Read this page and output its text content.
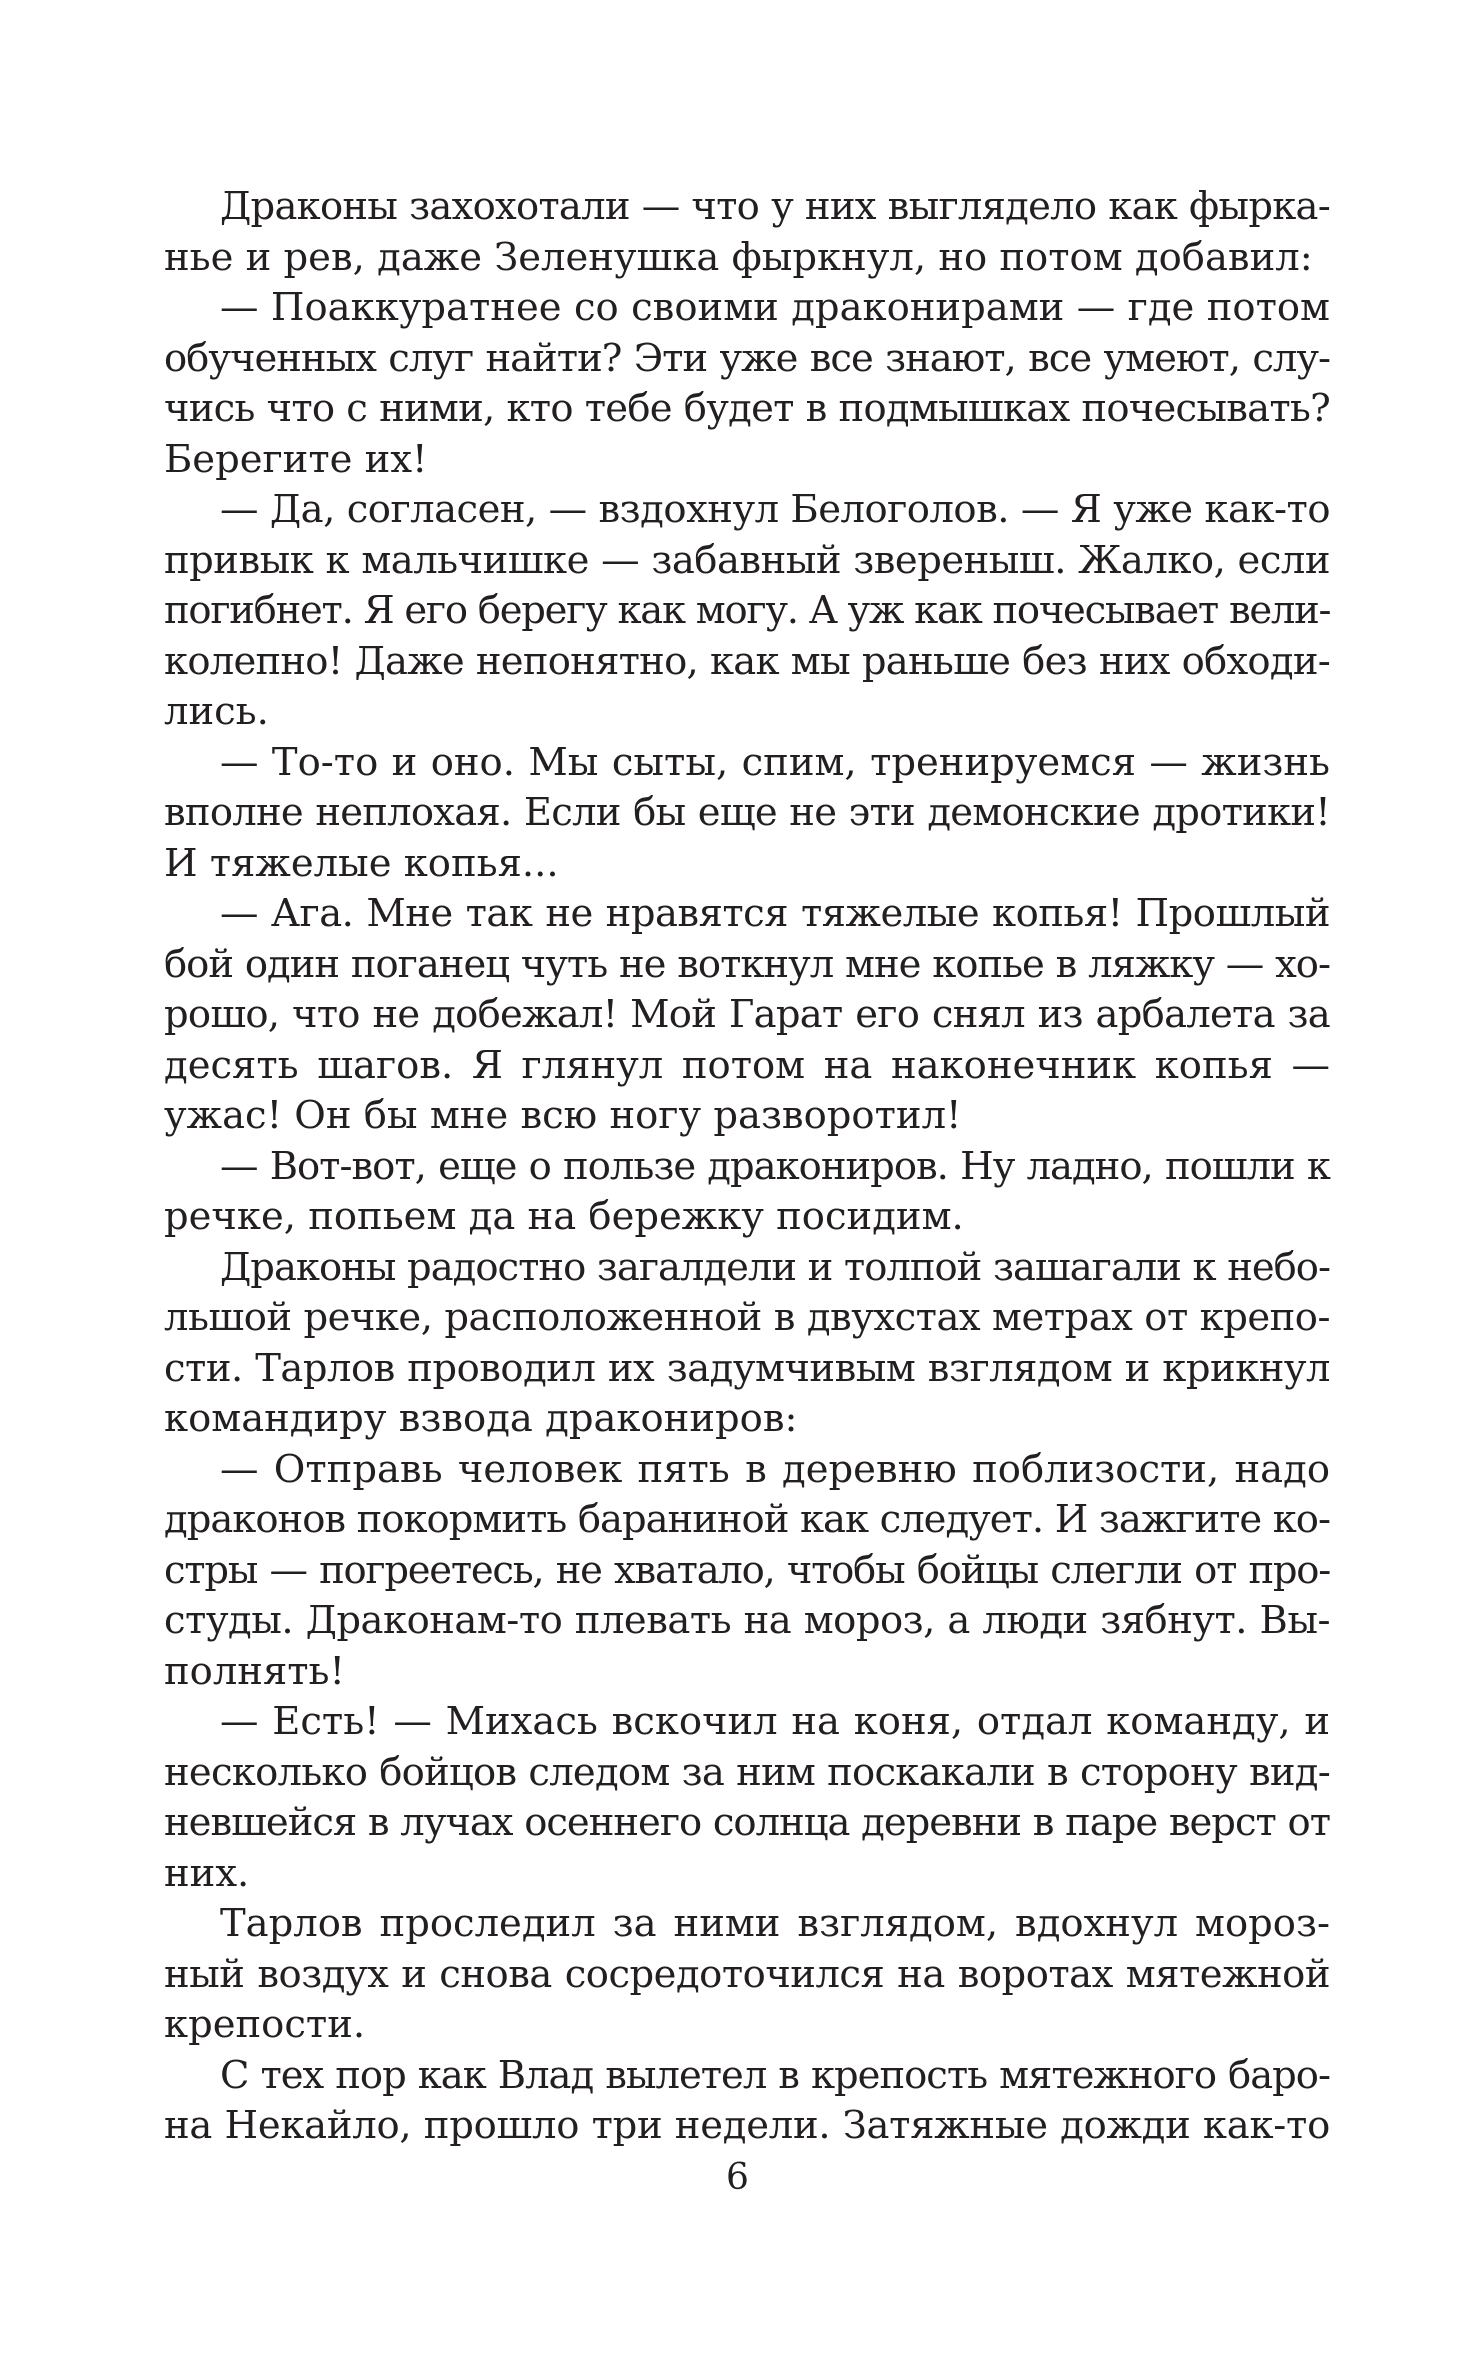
Драконы захохотали — что у них выглядело как фырка-
нье и рев, даже Зеленушка фыркнул, но потом добавил:
— Поаккуратнее со своими драконирами — где потом
обученных слуг найти? Эти уже все знают, все умеют, слу-
чись что с ними, кто тебе будет в подмышках почесывать?
Берегите их!
— Да, согласен, — вздохнул Белоголов. — Я уже как-то
привык к мальчишке — забавный звереныш. Жалко, если
погибнет. Я его берегу как могу. А уж как почесывает вели-
колепно! Даже непонятно, как мы раньше без них обходи-
лись.
— То-то и оно. Мы сыты, спим, тренируемся — жизнь
вполне неплохая. Если бы еще не эти демонские дротики!
И тяжелые копья...
— Ага. Мне так не нравятся тяжелые копья! Прошлый
бой один поганец чуть не воткнул мне копье в ляжку — хо-
рошо, что не добежал! Мой Гарат его снял из арбалета за
десять шагов. Я глянул потом на наконечник копья —
ужас! Он бы мне всю ногу разворотил!
— Вот-вот, еще о пользе дракониров. Ну ладно, пошли к
речке, попьем да на бережку посидим.
Драконы радостно загалдели и толпой зашагали к небо-
льшой речке, расположенной в двухстах метрах от крепо-
сти. Тарлов проводил их задумчивым взглядом и крикнул
командиру взвода дракониров:
— Отправь человек пять в деревню поблизости, надо
драконов покормить бараниной как следует. И зажгите ко-
стры — погреетесь, не хватало, чтобы бойцы слегли от про-
студы. Драконам-то плевать на мороз, а люди зябнут. Вы-
полнять!
— Есть! — Михась вскочил на коня, отдал команду, и
несколько бойцов следом за ним поскакали в сторону вид-
невшейся в лучах осеннего солнца деревни в паре верст от
них.
Тарлов проследил за ними взглядом, вдохнул мороз-
ный воздух и снова сосредоточился на воротах мятежной
крепости.
С тех пор как Влад вылетел в крепость мятежного баро-
на Некайло, прошло три недели. Затяжные дожди как-то
6
